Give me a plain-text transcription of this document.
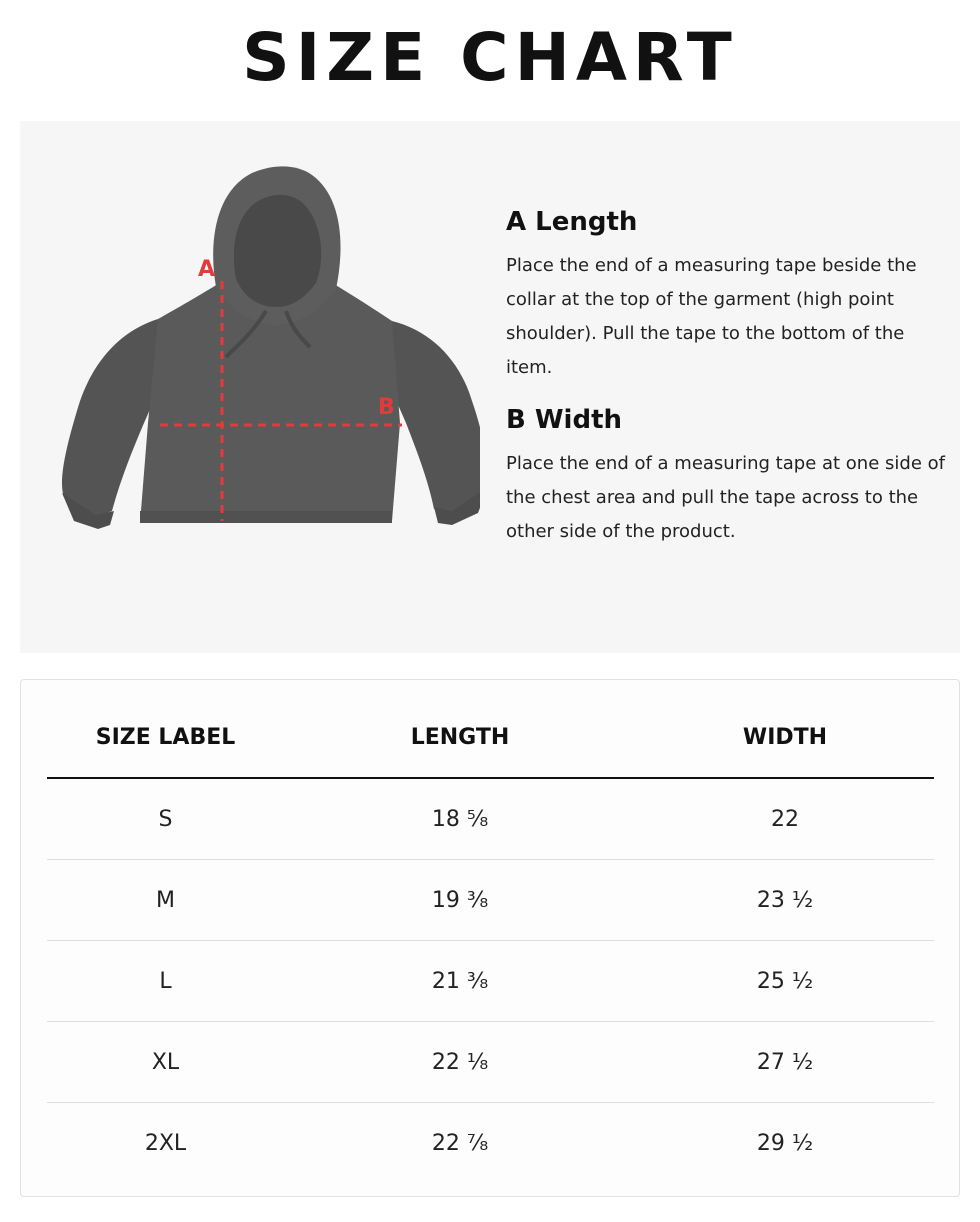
SIZE CHART
A
B
A Length

Place the end of a measuring tape beside the collar at the top of the garment (high point shoulder). Pull the tape to the bottom of the item.

B Width

Place the end of a measuring tape at one side of the chest area and pull the tape across to the other side of the product.

SIZE LABEL	LENGTH	WIDTH
S	18 ⁵⁄₈	22
M	19 ³⁄₈	23 ¹⁄₂
L	21 ³⁄₈	25 ¹⁄₂
XL	22 ¹⁄₈	27 ¹⁄₂
2XL	22 ⁷⁄₈	29 ¹⁄₂
